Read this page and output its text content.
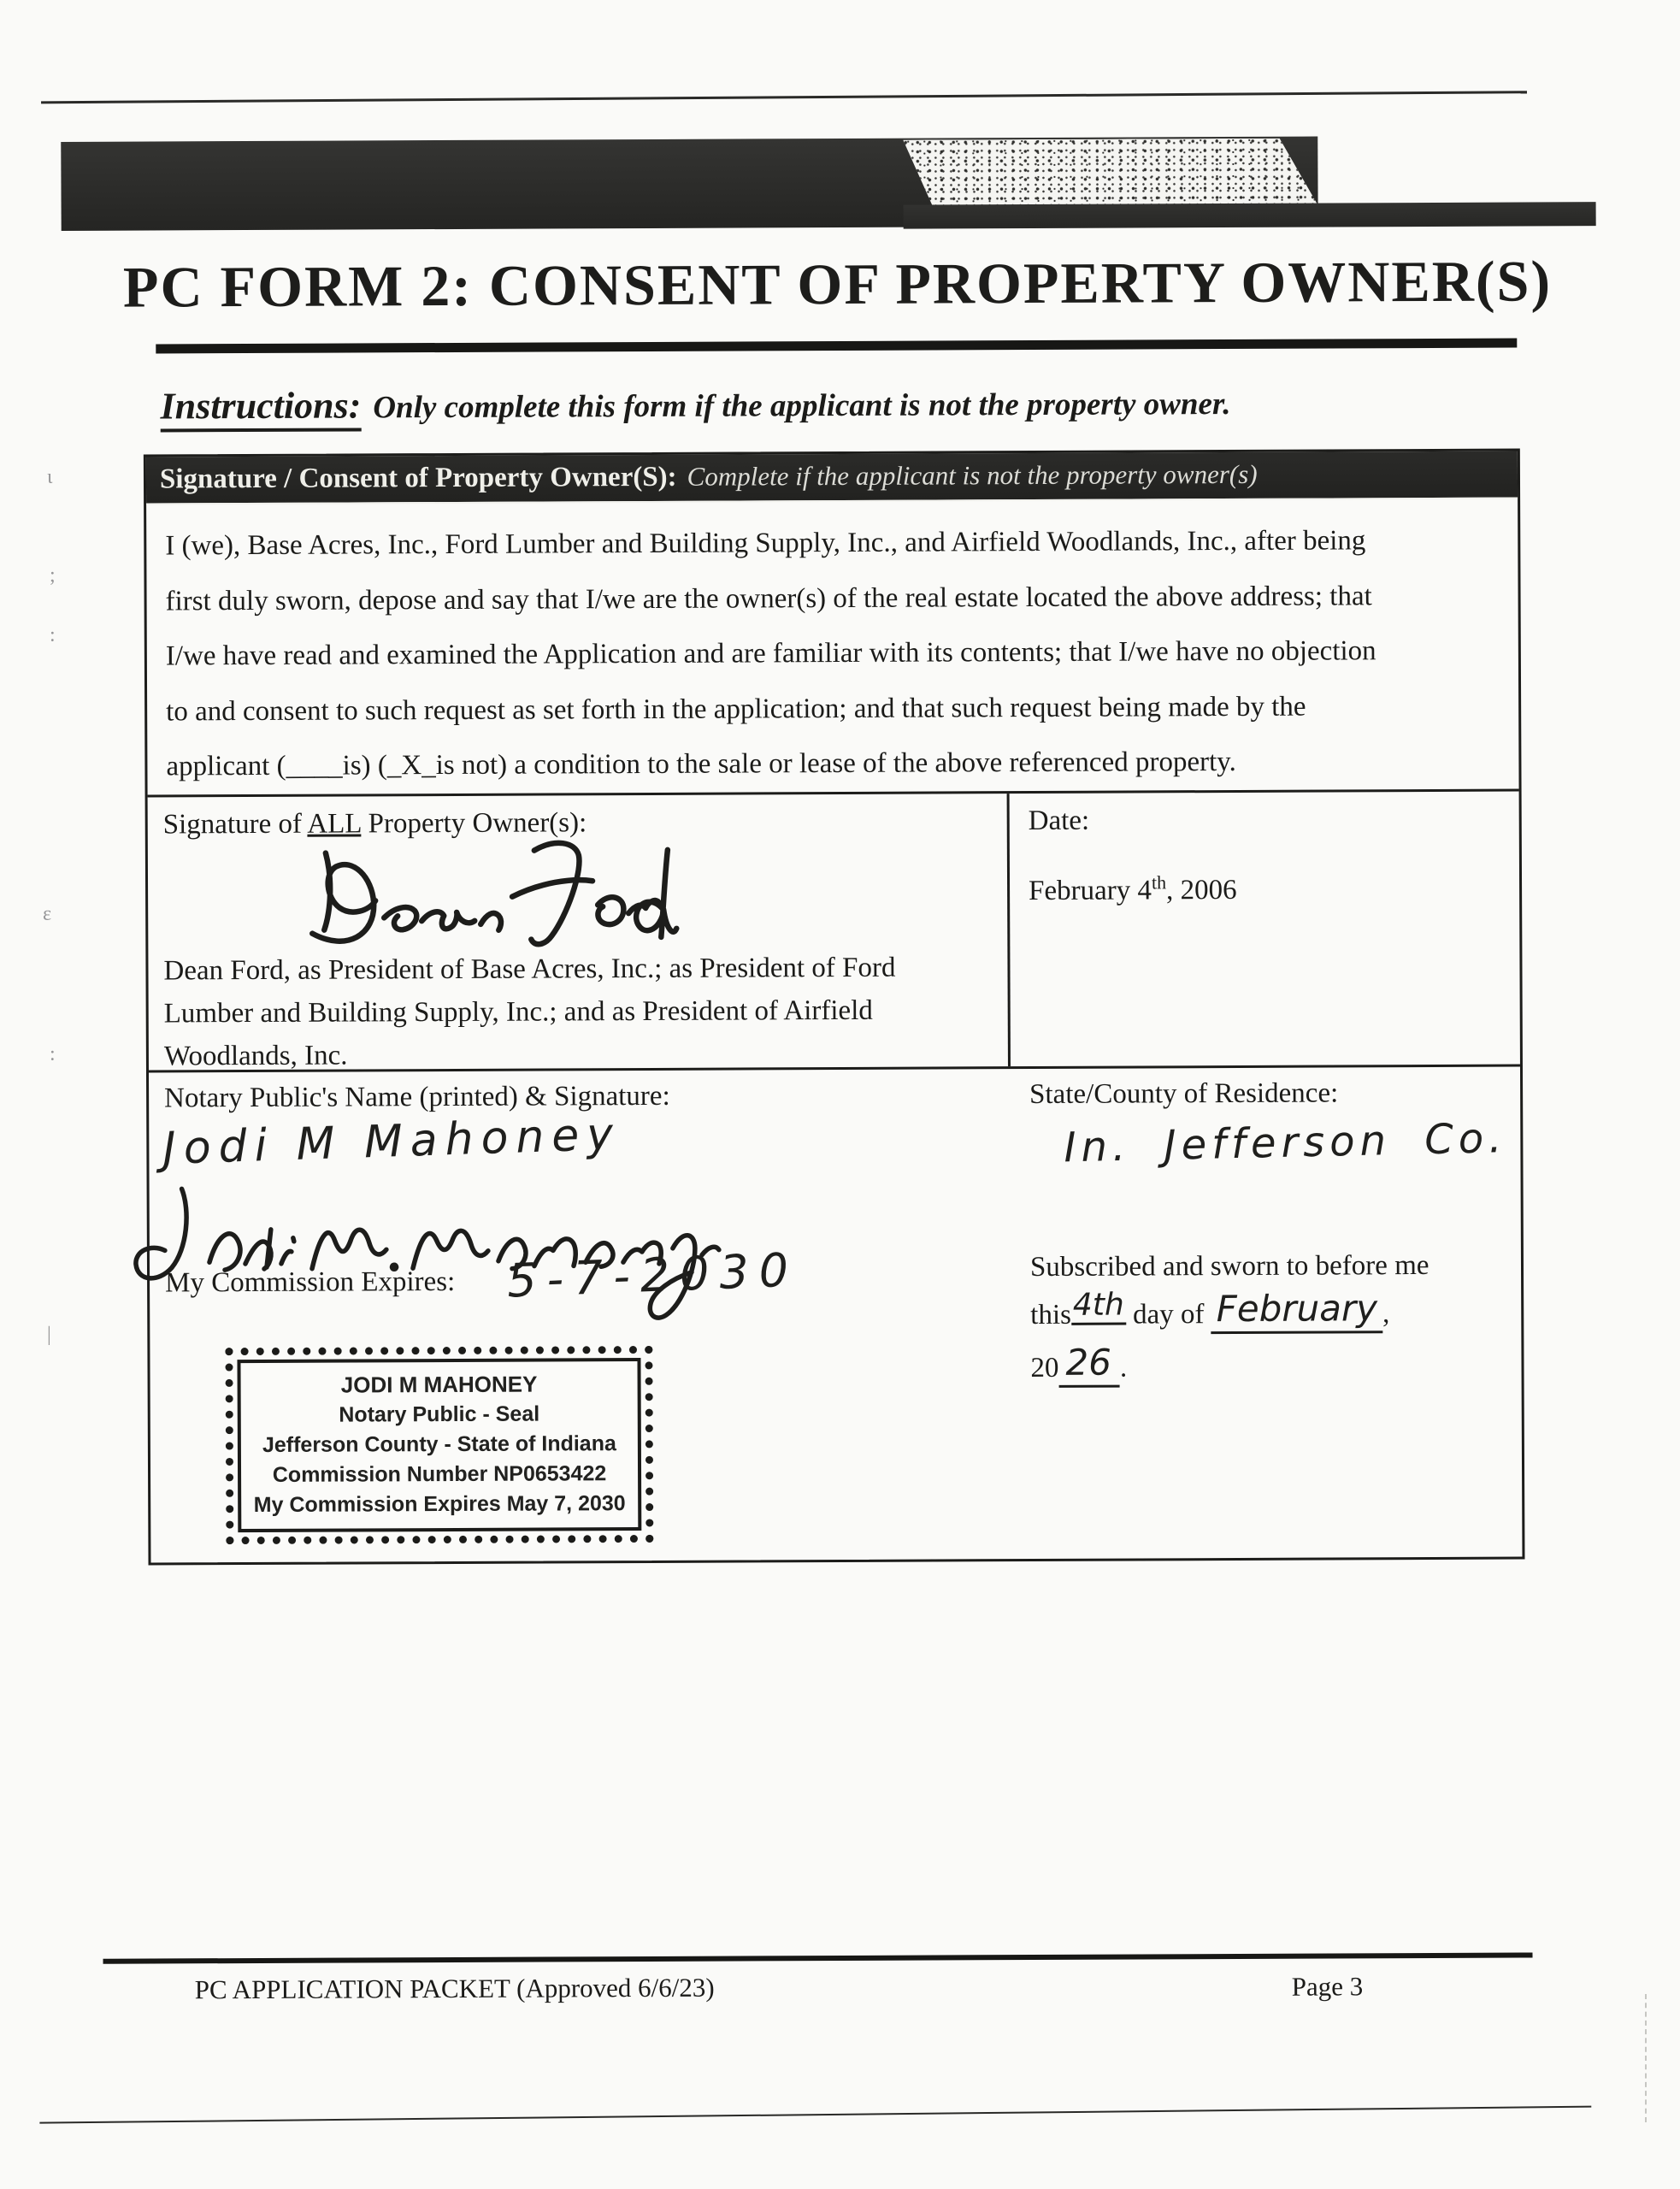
PC FORM 2: CONSENT OF PROPERTY OWNER(S)
Instructions: Only complete this form if the applicant is not the property owner.
Signature / Consent of Property Owner(S): Complete if the applicant is not the property owner(s)
I (we), Base Acres, Inc., Ford Lumber and Building Supply, Inc., and Airfield Woodlands, Inc., after being
first duly sworn, depose and say that I/we are the owner(s) of the real estate located the above address; that
I/we have read and examined the Application and are familiar with its contents; that I/we have no objection
to and consent to such request as set forth in the application; and that such request being made by the
applicant (____is) (_X_is not) a condition to the sale or lease of the above referenced property.
Signature of ALL Property Owner(s):
Dean Ford, as President of Base Acres, Inc.; as President of Ford
Lumber and Building Supply, Inc.; and as President of Airfield
Woodlands, Inc.
Date:
February 4th, 2006
Notary Public's Name (printed) & Signature:
Jodi M Mahoney
My Commission Expires: 5-7-2030
JODI M MAHONEY
Notary Public - Seal
Jefferson County - State of Indiana
Commission Number NP0653422
My Commission Expires May 7, 2030
State/County of Residence:
In. Jefferson Co.
Subscribed and sworn to before me
this4th day of February ,
20 26 .
PC APPLICATION PACKET (Approved 6/6/23)	Page 3
ɩ
;
:
ε
:
|
